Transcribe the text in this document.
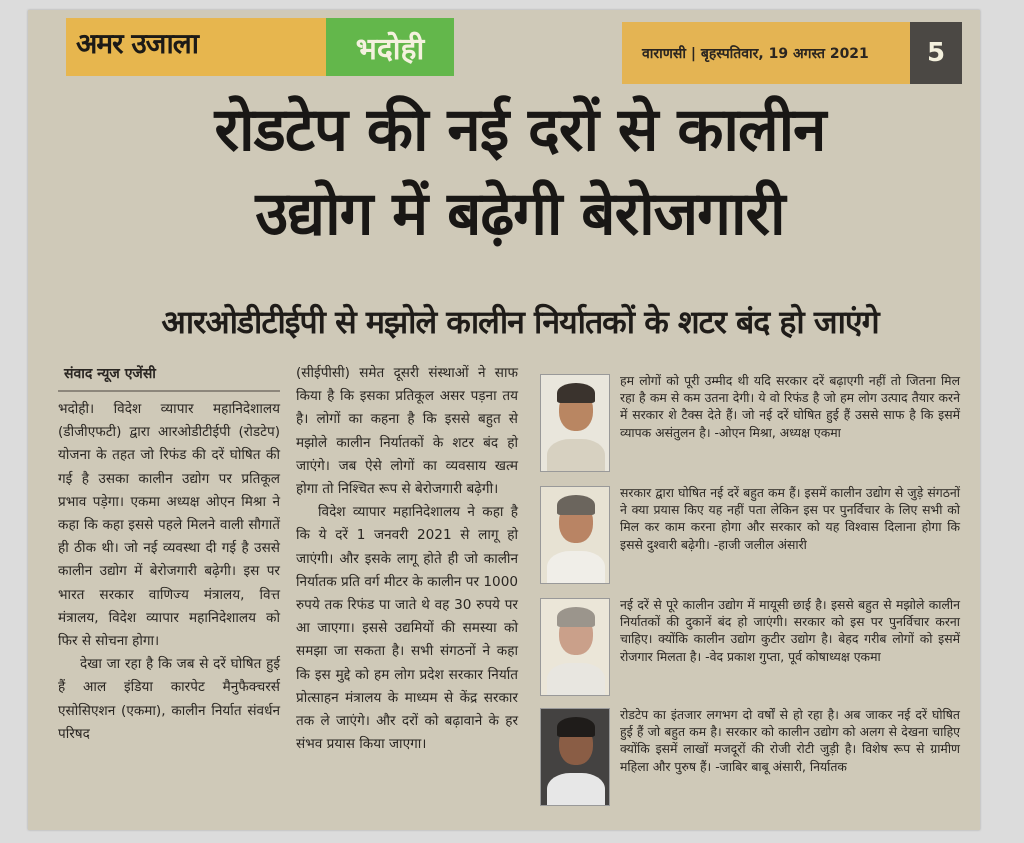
अमर उजाला	भदोही	वाराणसी | बृहस्पतिवार, 19 अगस्त 2021	5
रोडटेप की नई दरों से कालीन
उद्योग में बढ़ेगी बेरोजगारी
आरओडीटीईपी से मझोले कालीन निर्यातकों के शटर बंद हो जाएंगे
संवाद न्यूज एजेंसी

भदोही। विदेश व्यापार महानिदेशालय (डीजीएफटी) द्वारा आरओडीटीईपी (रोडटेप) योजना के तहत जो रिफंड की दरें घोषित की गई है उसका कालीन उद्योग पर प्रतिकूल प्रभाव पड़ेगा। एकमा अध्यक्ष ओएन मिश्रा ने कहा कि कहा इससे पहले मिलने वाली सौगातें ही ठीक थी। जो नई व्यवस्था दी गई है उससे कालीन उद्योग में बेरोजगारी बढ़ेगी। इस पर भारत सरकार वाणिज्य मंत्रालय, वित्त मंत्रालय, विदेश व्यापार महानिदेशालय को फिर से सोचना होगा।

देखा जा रहा है कि जब से दरें घोषित हुई हैं आल इंडिया कारपेट मैनुफैक्चरर्स एसोसिएशन (एकमा), कालीन निर्यात संवर्धन परिषद

(सीईपीसी) समेत दूसरी संस्थाओं ने साफ किया है कि इसका प्रतिकूल असर पड़ना तय है। लोगों का कहना है कि इससे बहुत से मझोले कालीन निर्यातकों के शटर बंद हो जाएंगे। जब ऐसे लोगों का व्यवसाय खत्म होगा तो निश्चित रूप से बेरोजगारी बढ़ेगी।

विदेश व्यापार महानिदेशालय ने कहा है कि ये दरें 1 जनवरी 2021 से लागू हो जाएंगी। और इसके लागू होते ही जो कालीन निर्यातक प्रति वर्ग मीटर के कालीन पर 1000 रुपये तक रिफंड पा जाते थे वह 30 रुपये पर आ जाएगा। इससे उद्यमियों की समस्या को समझा जा सकता है। सभी संगठनों ने कहा कि इस मुद्दे को हम लोग प्रदेश सरकार निर्यात प्रोत्साहन मंत्रालय के माध्यम से केंद्र सरकार तक ले जाएंगे। और दरों को बढ़ावाने के हर संभव प्रयास किया जाएगा।

हम लोगों को पूरी उम्मीद थी यदि सरकार दरें बढ़ाएगी नहीं तो जितना मिल रहा है कम से कम उतना देगी। ये वो रिफंड है जो हम लोग उत्पाद तैयार करने में सरकार शे टैक्स देते हैं। जो नई दरें घोषित हुई हैं उससे साफ है कि इसमें व्यापक असंतुलन है। -ओएन मिश्रा, अध्यक्ष एकमा
सरकार द्वारा घोषित नई दरें बहुत कम हैं। इसमें कालीन उद्योग से जुड़े संगठनों ने क्या प्रयास किए यह नहीं पता लेकिन इस पर पुनर्विचार के लिए सभी को मिल कर काम करना होगा और सरकार को यह विश्वास दिलाना होगा कि इससे दुश्वारी बढ़ेगी। -हाजी जलील अंसारी
नई दरें से पूरे कालीन उद्योग में मायूसी छाई है। इससे बहुत से मझोले कालीन निर्यातकों की दुकानें बंद हो जाएंगी। सरकार को इस पर पुनर्विचार करना चाहिए। क्योंकि कालीन उद्योग कुटीर उद्योग है। बेहद गरीब लोगों को इसमें रोजगार मिलता है। -वेद प्रकाश गुप्ता, पूर्व कोषाध्यक्ष एकमा
रोडटेप का इंतजार लगभग दो वर्षों से हो रहा है। अब जाकर नई दरें घोषित हुई हैं जो बहुत कम है। सरकार को कालीन उद्योग को अलग से देखना चाहिए क्योंकि इसमें लाखों मजदूरों की रोजी रोटी जुड़ी है। विशेष रूप से ग्रामीण महिला और पुरुष हैं। -जाबिर बाबू अंसारी, निर्यातक
